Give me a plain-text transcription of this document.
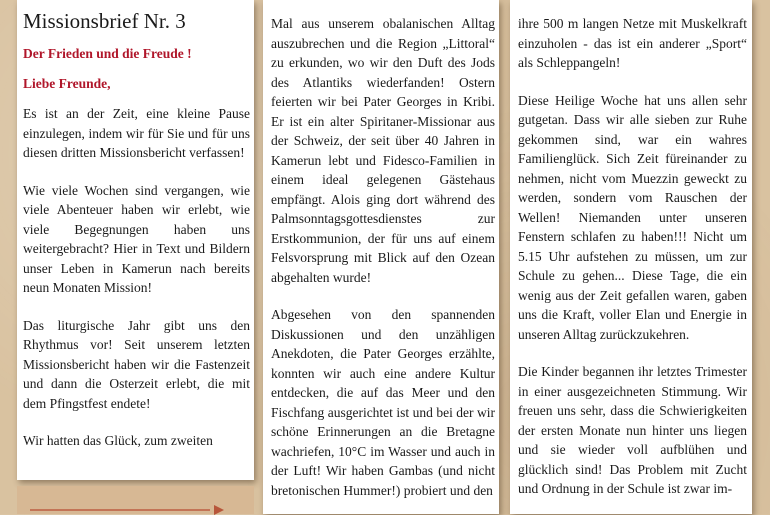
Missionsbrief Nr. 3
Der Frieden und die Freude !
Liebe Freunde,

Es ist an der Zeit, eine kleine Pause einzulegen, indem wir für Sie und für uns diesen dritten Missionsbericht verfassen!

Wie viele Wochen sind vergangen, wie viele Abenteuer haben wir erlebt, wie viele Begegnungen haben uns weitergebracht? Hier in Text und Bildern unser Leben in Kamerun nach bereits neun Monaten Mission!

Das liturgische Jahr gibt uns den Rhythmus vor! Seit unserem letzten Missionsbericht haben wir die Fastenzeit und dann die Osterzeit erlebt, die mit dem Pfingstfest endete!

Wir hatten das Glück, zum zweiten

Mal aus unserem obalanischen Alltag auszubrechen und die Region „Littoral“ zu erkunden, wo wir den Duft des Jods des Atlantiks wiederfanden! Ostern feierten wir bei Pater Georges in Kribi. Er ist ein alter Spiritaner-Missionar aus der Schweiz, der seit über 40 Jahren in Kamerun lebt und Fidesco-Familien in einem ideal gelegenen Gästehaus empfängt. Alois ging dort während des Palmsonntagsgottesdienstes zur Erstkommunion, der für uns auf einem Felsvorsprung mit Blick auf den Ozean abgehalten wurde!

Abgesehen von den spannenden Diskussionen und den unzähligen Anekdoten, die Pater Georges erzählte, konnten wir auch eine andere Kultur entdecken, die auf das Meer und den Fischfang ausgerichtet ist und bei der wir schöne Erinnerungen an die Bretagne wachriefen, 10°C im Wasser und auch in der Luft! Wir haben Gambas (und nicht bretonischen Hummer!) probiert und den

ihre 500 m langen Netze mit Muskelkraft einzuholen - das ist ein anderer „Sport“ als Schleppangeln!

Diese Heilige Woche hat uns allen sehr gutgetan. Dass wir alle sieben zur Ruhe gekommen sind, war ein wahres Familienglück. Sich Zeit füreinander zu nehmen, nicht vom Muezzin geweckt zu werden, sondern vom Rauschen der Wellen! Niemanden unter unseren Fenstern schlafen zu haben!!! Nicht um 5.15 Uhr aufstehen zu müssen, um zur Schule zu gehen... Diese Tage, die ein wenig aus der Zeit gefallen waren, gaben uns die Kraft, voller Elan und Energie in unseren Alltag zurückzukehren.

Die Kinder begannen ihr letztes Trimester in einer ausgezeichneten Stimmung. Wir freuen uns sehr, dass die Schwierigkeiten der ersten Monate nun hinter uns liegen und sie wieder voll aufblühen und glücklich sind! Das Problem mit Zucht und Ordnung in der Schule ist zwar im-
